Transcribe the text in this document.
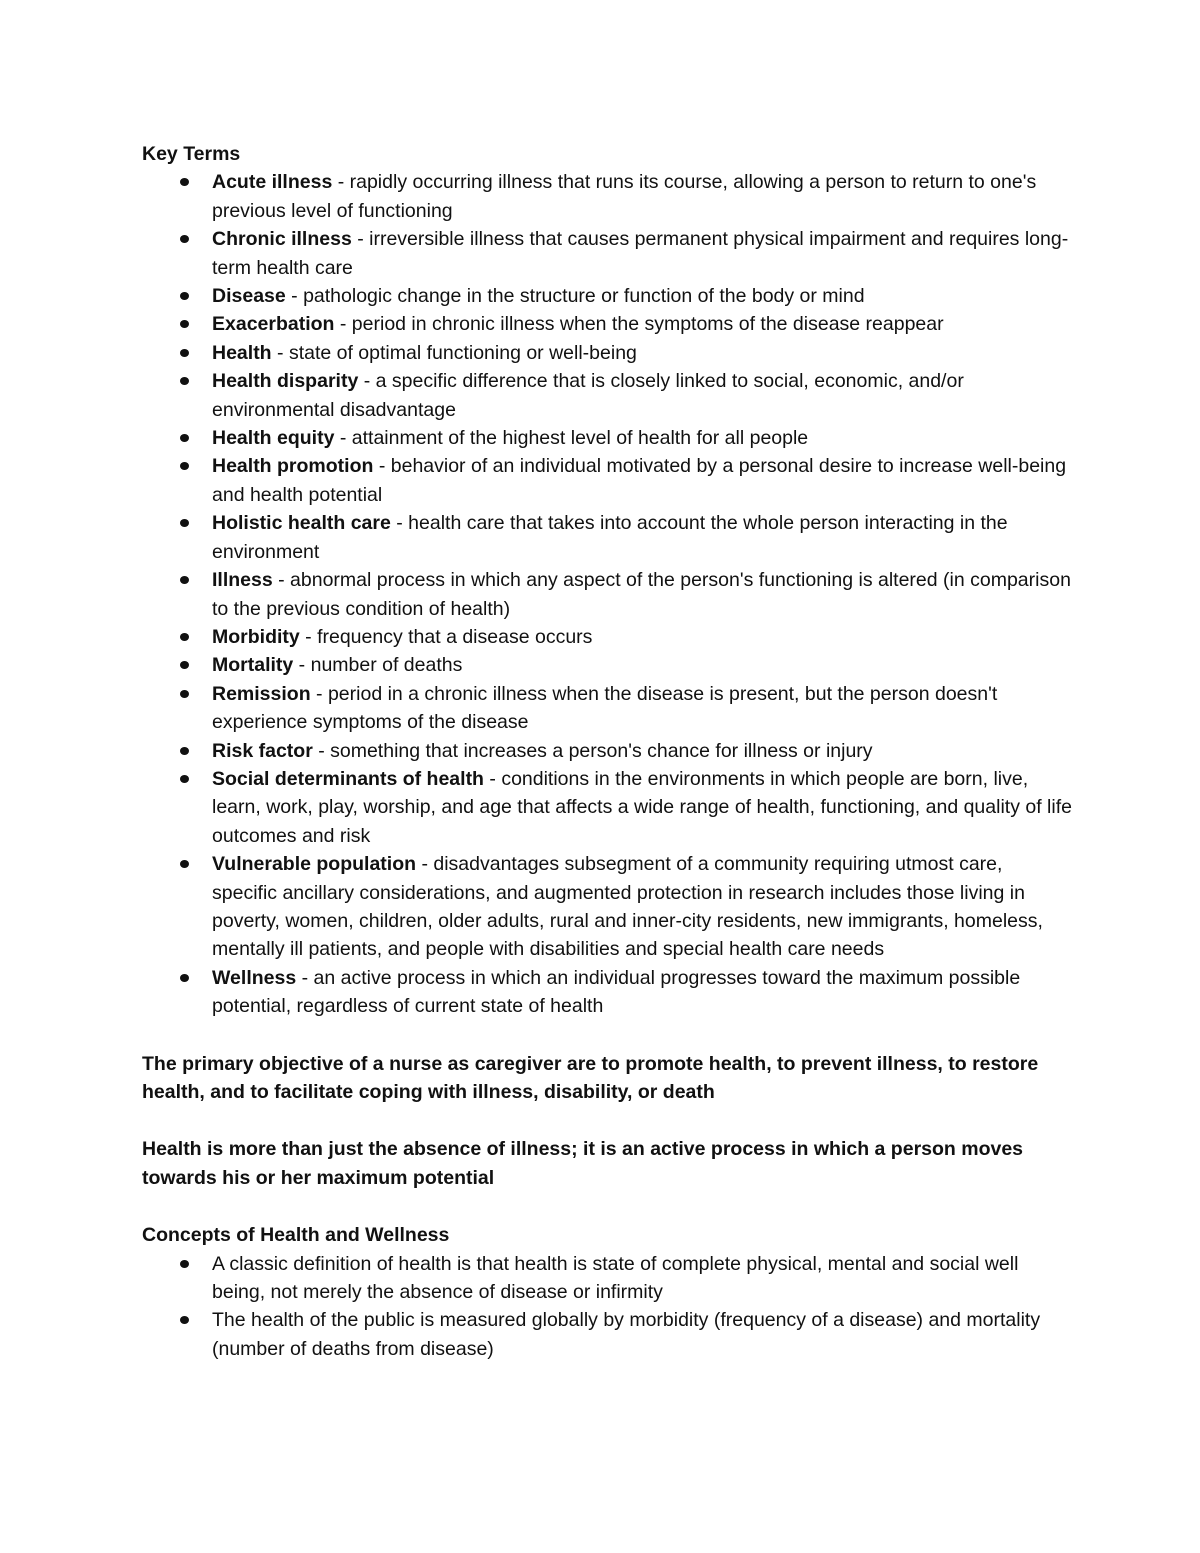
Key Terms

Acute illness - rapidly occurring illness that runs its course, allowing a person to return to one's previous level of functioning
Chronic illness - irreversible illness that causes permanent physical impairment and requires long-term health care
Disease - pathologic change in the structure or function of the body or mind
Exacerbation - period in chronic illness when the symptoms of the disease reappear
Health - state of optimal functioning or well-being
Health disparity - a specific difference that is closely linked to social, economic, and/or environmental disadvantage
Health equity - attainment of the highest level of health for all people
Health promotion - behavior of an individual motivated by a personal desire to increase well-being and health potential
Holistic health care - health care that takes into account the whole person interacting in the environment
Illness - abnormal process in which any aspect of the person's functioning is altered (in comparison to the previous condition of health)
Morbidity - frequency that a disease occurs
Mortality - number of deaths
Remission - period in a chronic illness when the disease is present, but the person doesn't experience symptoms of the disease
Risk factor - something that increases a person's chance for illness or injury
Social determinants of health - conditions in the environments in which people are born, live, learn, work, play, worship, and age that affects a wide range of health, functioning, and quality of life outcomes and risk
Vulnerable population - disadvantages subsegment of a community requiring utmost care, specific ancillary considerations, and augmented protection in research includes those living in poverty, women, children, older adults, rural and inner-city residents, new immigrants, homeless, mentally ill patients, and people with disabilities and special health care needs
Wellness - an active process in which an individual progresses toward the maximum possible potential, regardless of current state of health

The primary objective of a nurse as caregiver are to promote health, to prevent illness, to restore health, and to facilitate coping with illness, disability, or death

Health is more than just the absence of illness; it is an active process in which a person moves towards his or her maximum potential

Concepts of Health and Wellness

A classic definition of health is that health is state of complete physical, mental and social well being, not merely the absence of disease or infirmity
The health of the public is measured globally by morbidity (frequency of a disease) and mortality (number of deaths from disease)
